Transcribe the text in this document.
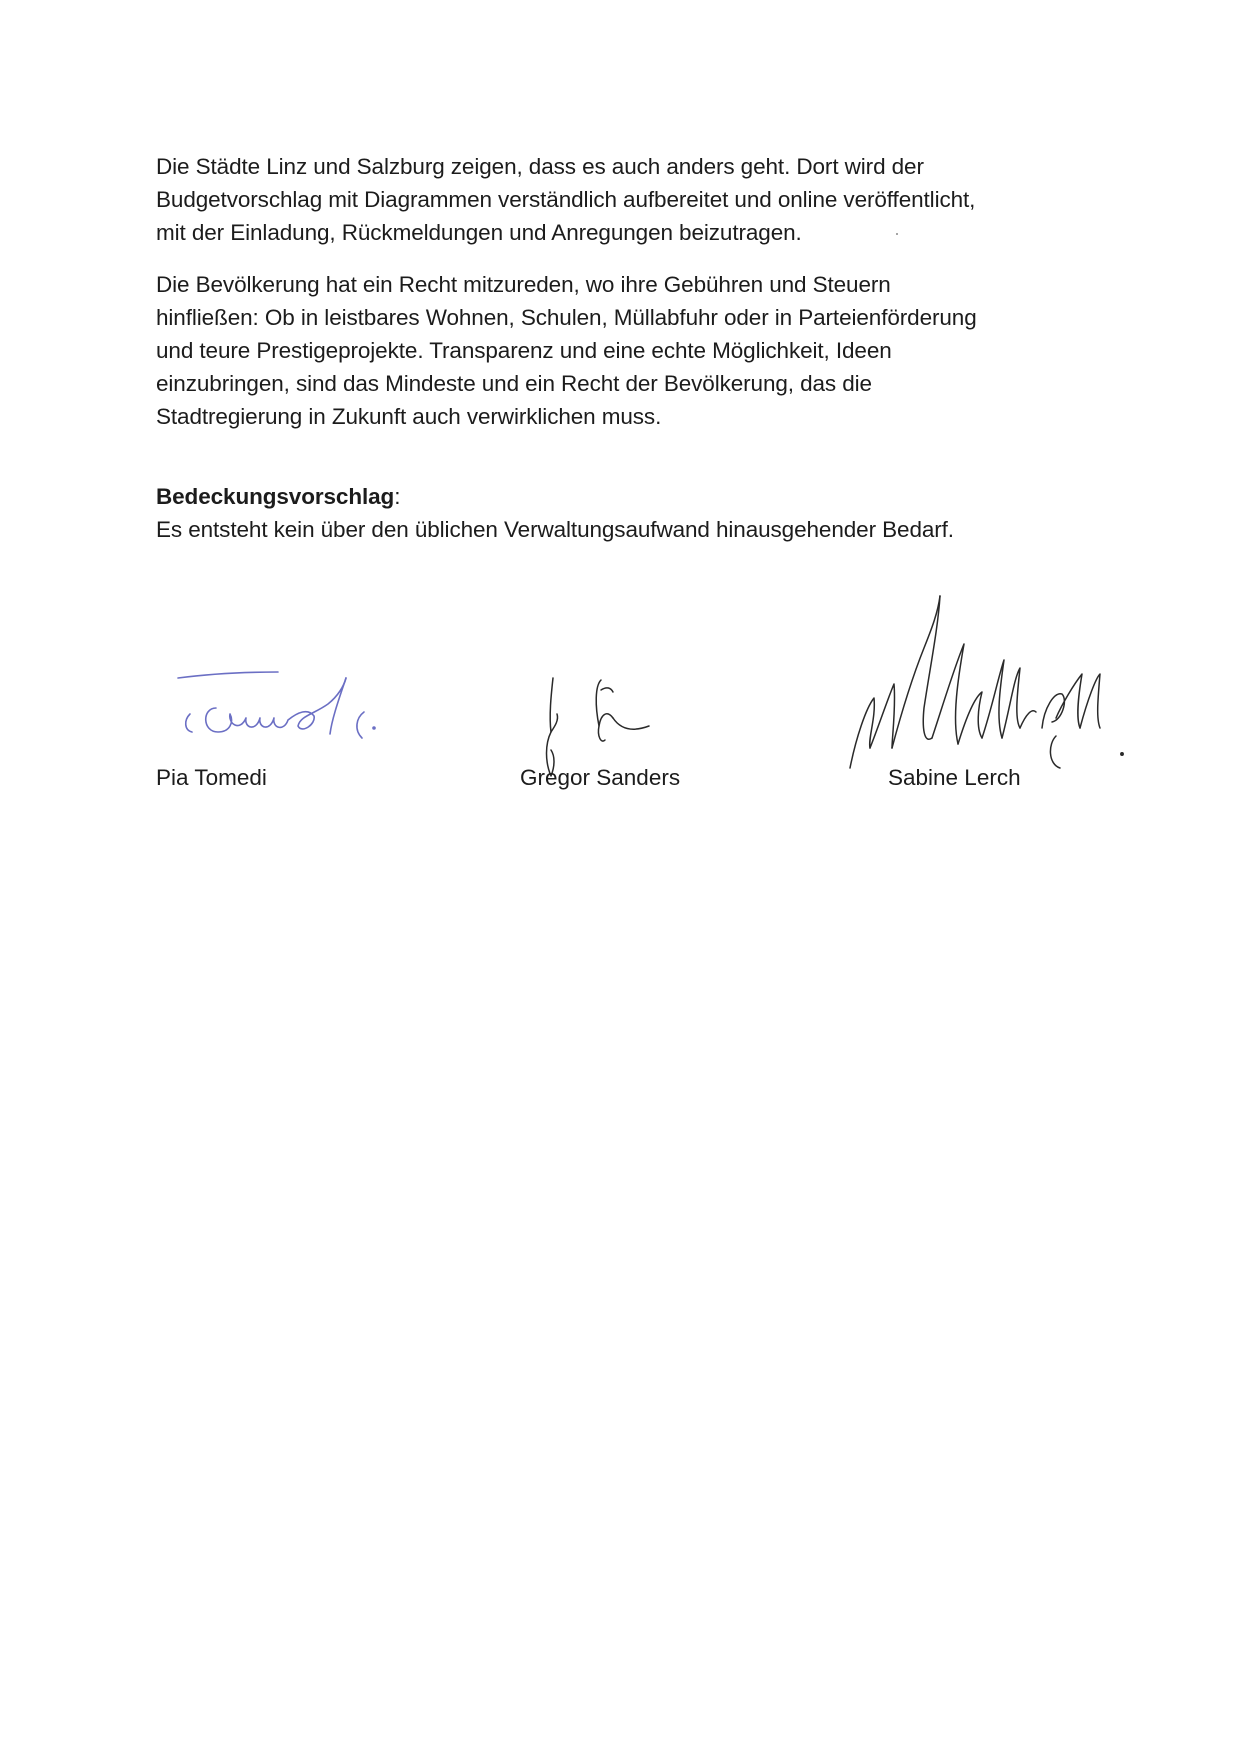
Die Städte Linz und Salzburg zeigen, dass es auch anders geht. Dort wird der
Budgetvorschlag mit Diagrammen verständlich aufbereitet und online veröffentlicht,
mit der Einladung, Rückmeldungen und Anregungen beizutragen.
Die Bevölkerung hat ein Recht mitzureden, wo ihre Gebühren und Steuern
hinfließen: Ob in leistbares Wohnen, Schulen, Müllabfuhr oder in Parteienförderung
und teure Prestigeprojekte. Transparenz und eine echte Möglichkeit, Ideen
einzubringen, sind das Mindeste und ein Recht der Bevölkerung, das die
Stadtregierung in Zukunft auch verwirklichen muss.
Bedeckungsvorschlag:
Es entsteht kein über den üblichen Verwaltungsaufwand hinausgehender Bedarf.
Pia Tomedi	Gregor Sanders	Sabine Lerch
